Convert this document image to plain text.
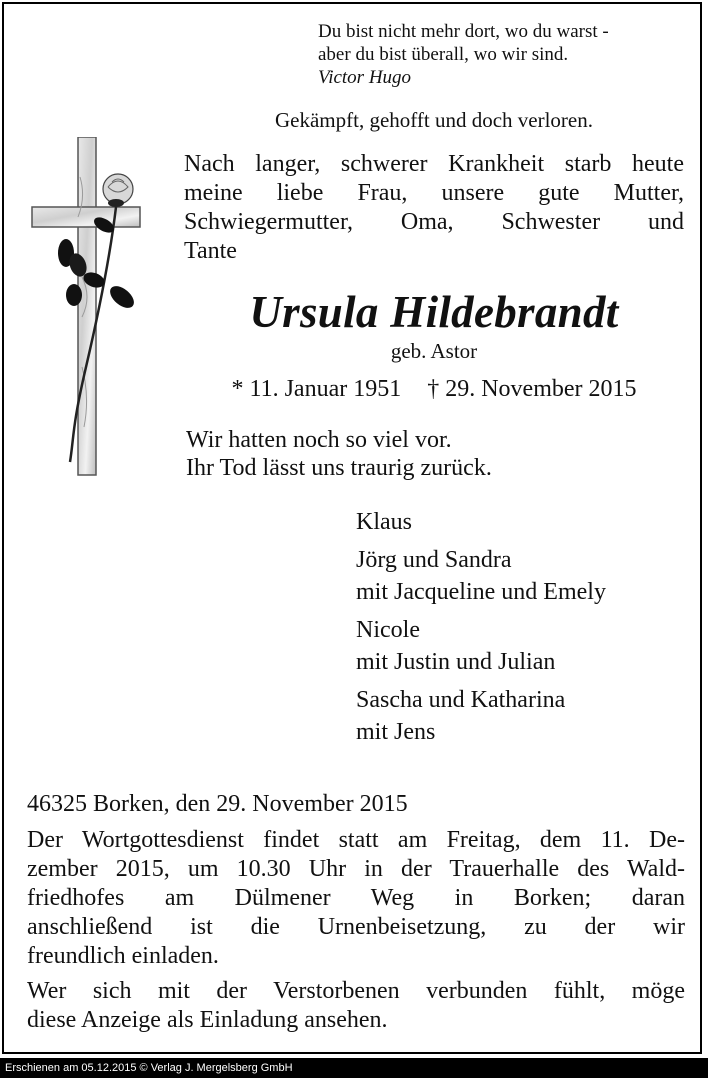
Du bist nicht mehr dort, wo du warst -
aber du bist überall, wo wir sind.
Victor Hugo
Gekämpft, gehofft und doch verloren.
Nach langer, schwerer Krankheit starb heute
meine liebe Frau, unsere gute Mutter,
Schwiegermutter, Oma, Schwester und
Tante
Ursula Hildebrandt
geb. Astor
* 11. Januar 1951 † 29. November 2015
Wir hatten noch so viel vor.
Ihr Tod lässt uns traurig zurück.
Klaus
Jörg und Sandra
mit Jacqueline und Emely
Nicole
mit Justin und Julian
Sascha und Katharina
mit Jens
46325 Borken, den 29. November 2015
Der Wortgottesdienst findet statt am Freitag, dem 11. De-
zember 2015, um 10.30 Uhr in der Trauerhalle des Wald-
friedhofes am Dülmener Weg in Borken; daran
anschließend ist die Urnenbeisetzung, zu der wir
freundlich einladen.
Wer sich mit der Verstorbenen verbunden fühlt, möge
diese Anzeige als Einladung ansehen.
Erschienen am 05.12.2015 © Verlag J. Mergelsberg GmbH
